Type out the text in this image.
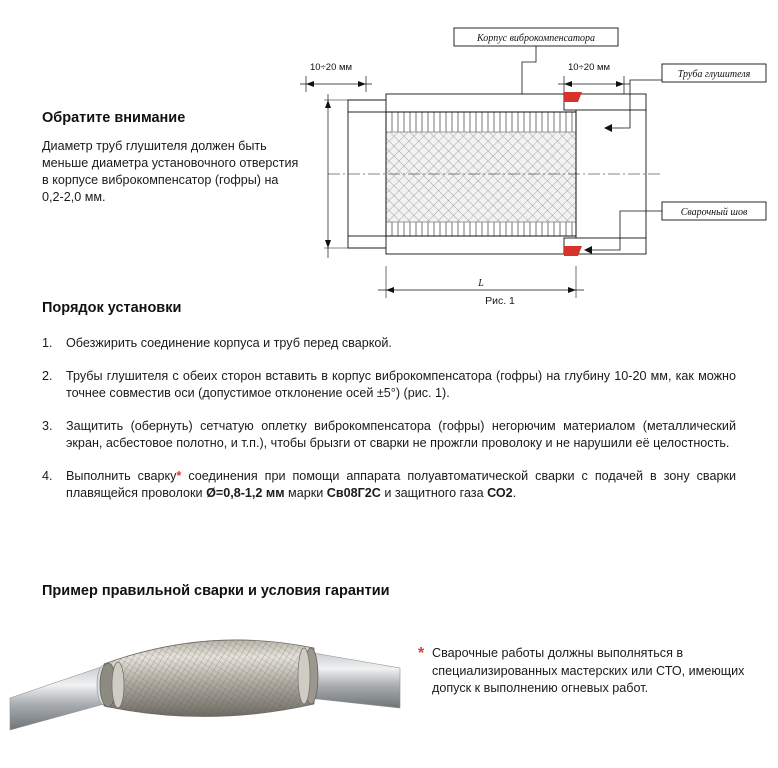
Обратите внимание

Диаметр труб глушителя должен быть меньше диаметра установочного отверстия в корпусе виброкомпенсатор (гофры) на 0,2-2,0 мм.

Корпус виброкомпенсатора
10÷20 мм	10÷20 мм
L
Труба глушителя
Сварочный шов
Рис. 1
Порядок установки
1.	Обезжирить соединение корпуса и труб перед сваркой.
2.	Трубы глушителя с обеих сторон вставить в корпус виброкомпенсатора (гофры) на глубину 10-20 мм, как можно точнее совместив оси (допустимое отклонение осей ±5°) (рис. 1).
3.	Защитить (обернуть) сетчатую оплетку виброкомпенсатора (гофры) негорючим материалом (металлический экран, асбестовое полотно, и т.п.), чтобы брызги от сварки не прожгли проволоку и не нарушили её целостность.
4.	Выполнить сварку* соединения при помощи аппарата полуавтоматической сварки с подачей в зону сварки плавящейся проволоки Ø=0,8-1,2 мм марки Св08Г2С и защитного газа СО2.
Пример правильной сварки и условия гарантии
* Сварочные работы должны выполняться в специализированных мастерских или СТО, имеющих допуск к выполнению огневых работ.
